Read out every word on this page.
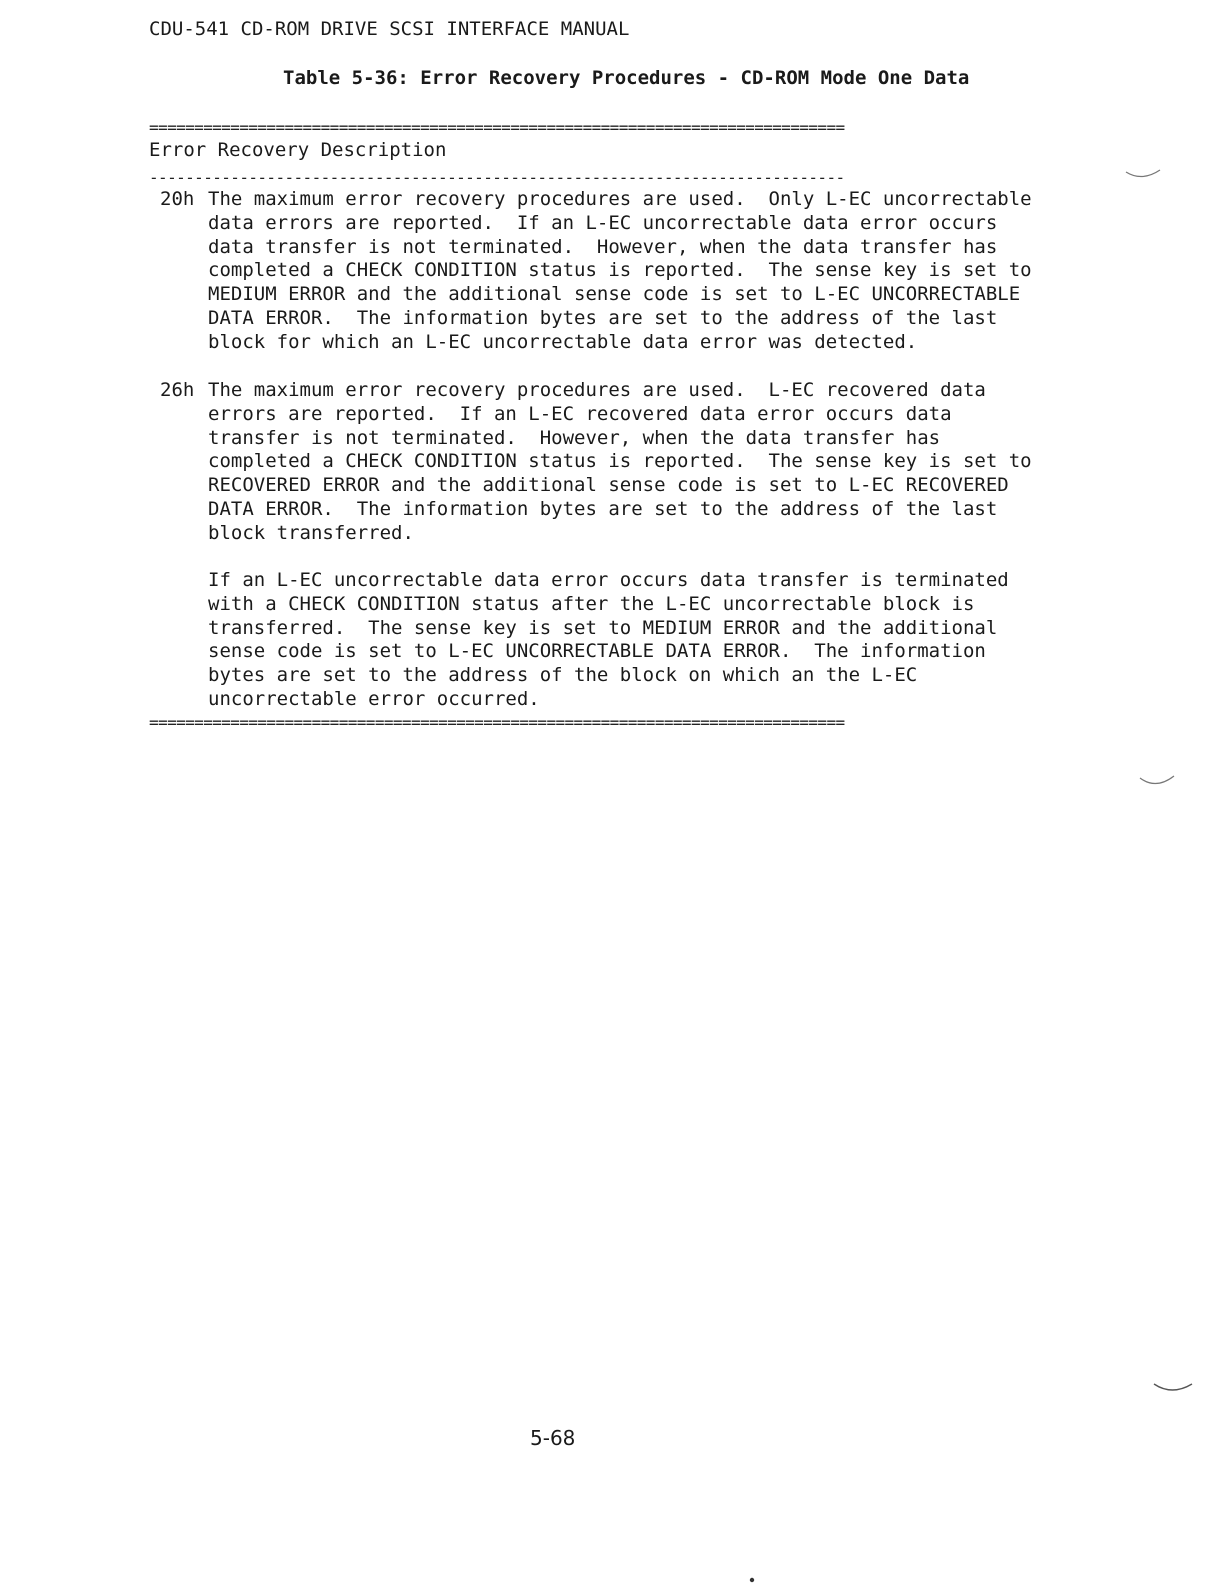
CDU-541 CD-ROM DRIVE SCSI INTERFACE MANUAL
Table 5-36: Error Recovery Procedures - CD-ROM Mode One Data
=============================================================================
Error Recovery Description
-----------------------------------------------------------------------------

20h

The maximum error recovery procedures are used.  Only L-EC uncorrectable
data errors are reported.  If an L-EC uncorrectable data error occurs
data transfer is not terminated.  However, when the data transfer has
completed a CHECK CONDITION status is reported.  The sense key is set to
MEDIUM ERROR and the additional sense code is set to L-EC UNCORRECTABLE
DATA ERROR.  The information bytes are set to the address of the last
block for which an L-EC uncorrectable data error was detected.

26h

The maximum error recovery procedures are used.  L-EC recovered data
errors are reported.  If an L-EC recovered data error occurs data
transfer is not terminated.  However, when the data transfer has
completed a CHECK CONDITION status is reported.  The sense key is set to
RECOVERED ERROR and the additional sense code is set to L-EC RECOVERED
DATA ERROR.  The information bytes are set to the address of the last
block transferred.

If an L-EC uncorrectable data error occurs data transfer is terminated
with a CHECK CONDITION status after the L-EC uncorrectable block is
transferred.  The sense key is set to MEDIUM ERROR and the additional
sense code is set to L-EC UNCORRECTABLE DATA ERROR.  The information
bytes are set to the address of the block on which an the L-EC
uncorrectable error occurred.
=============================================================================
5-68
